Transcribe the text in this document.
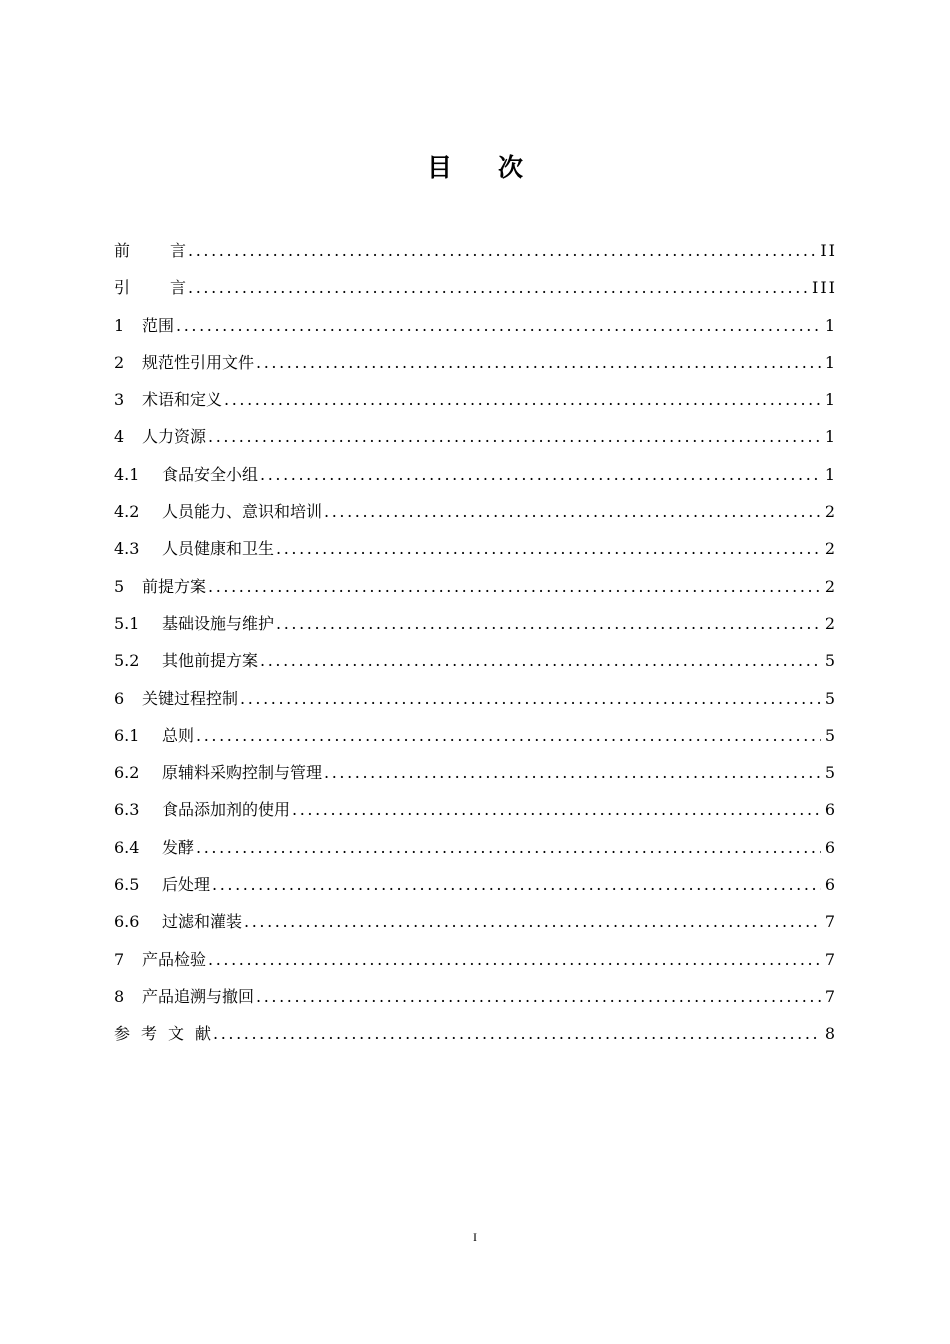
目次
前言 .....	II
引言 .....	III
1	范围 .....	1
2	规范性引用文件 .....	1
3	术语和定义 .....	1
4	人力资源 .....	1
4.1	食品安全小组 .....	1
4.2	人员能力、意识和培训 .....	2
4.3	人员健康和卫生 .....	2
5	前提方案 .....	2
5.1	基础设施与维护 .....	2
5.2	其他前提方案 .....	5
6	关键过程控制 .....	5
6.1	总则 .....	5
6.2	原辅料采购控制与管理 .....	5
6.3	食品添加剂的使用 .....	6
6.4	发酵 .....	6
6.5	后处理 .....	6
6.6	过滤和灌装 .....	7
7	产品检验 .....	7
8	产品追溯与撤回 .....	7
参考文献 .....	8
I
